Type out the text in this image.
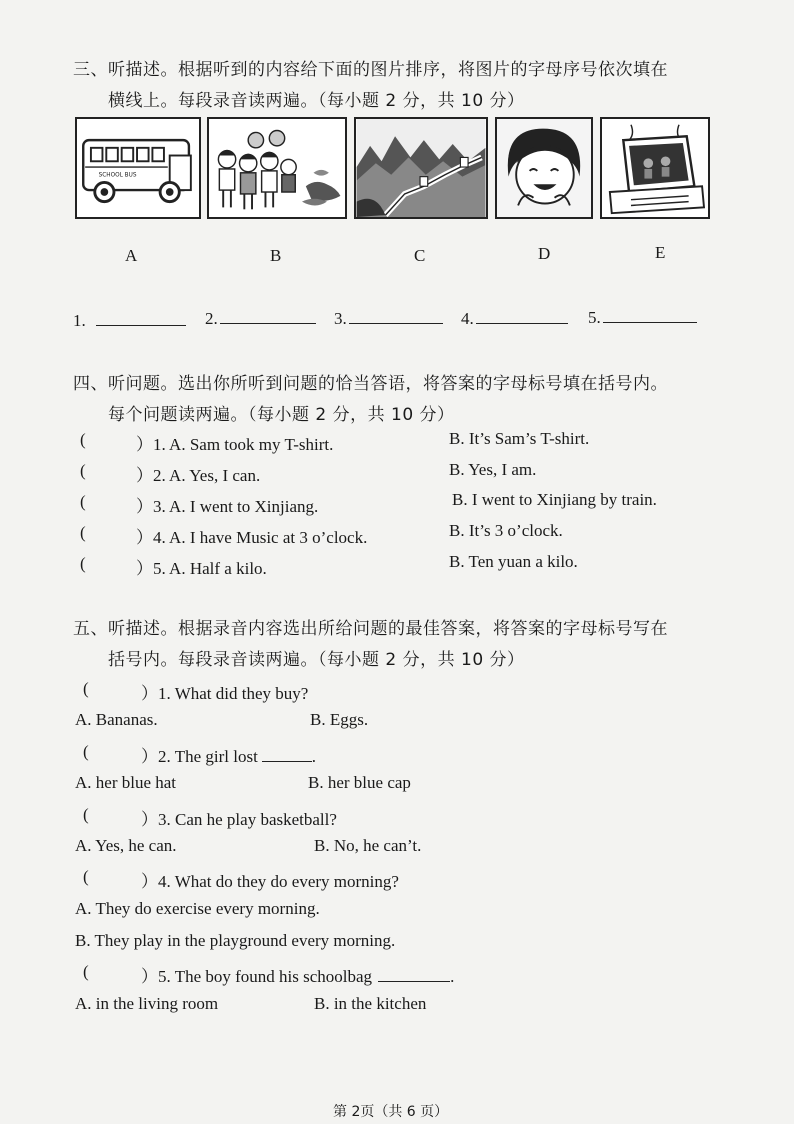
三、听描述。根据听到的内容给下面的图片排序，将图片的字母序号依次填在
横线上。每段录音读两遍。（每小题 2 分，共 10 分）
SCHOOL BUS
A	B	C	D	E
1.	2.	3.	4.	5.
四、听问题。选出你所听到问题的恰当答语，将答案的字母标号填在括号内。
每个问题读两遍。（每小题 2 分，共 10 分）
(	）1. A. Sam took my T-shirt.	B. It’s Sam’s T-shirt.
(	）2. A. Yes, I can.	B. Yes, I am.
(	）3. A. I went to Xinjiang.	B. I went to Xinjiang by train.
(	）4. A. I have Music at 3 o’clock.	B. It’s 3 o’clock.
(	）5. A. Half a kilo.	B. Ten yuan a kilo.
五、听描述。根据录音内容选出所给问题的最佳答案，将答案的字母标号写在
括号内。每段录音读两遍。（每小题 2 分，共 10 分）
(	）1. What did they buy?
A. Bananas.	B. Eggs.
(	）2. The girl lost	.
A. her blue hat	B. her blue cap
(	）3. Can he play basketball?
A. Yes, he can.	B. No, he can’t.
(	）4. What do they do every morning?
A. They do exercise every morning.
B. They play in the playground every morning.
(	）5. The boy found his schoolbag	.
A. in the living room	B. in the kitchen
第 2页（共 6 页）
